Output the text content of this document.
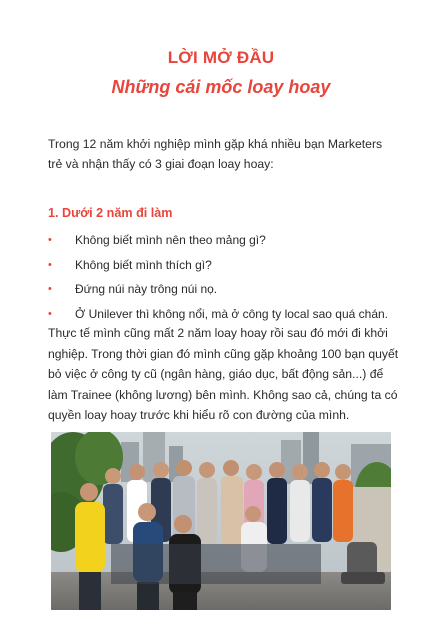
LỜI MỞ ĐẦU
Những cái mốc loay hoay
Trong 12 năm khởi nghiệp mình gặp khá nhiều bạn Marketers trẻ và nhận thấy có 3 giai đoạn loay hoay:
1. Dưới 2 năm đi làm
• Không biết mình nên theo mảng gì?
• Không biết mình thích gì?
• Đứng núi này trông núi nọ.
• Ở Unilever thì không nổi, mà ở công ty local sao quá chán.
Thực tế mình cũng mất 2 năm loay hoay rồi sau đó mới đi khởi nghiệp. Trong thời gian đó mình cũng gặp khoảng 100 bạn quyết bỏ việc ở công ty cũ (ngân hàng, giáo dục, bất động sản...) để làm Trainee (không lương) bên mình. Không sao cả, chúng ta có quyền loay hoay trước khi hiểu rõ con đường của mình.
